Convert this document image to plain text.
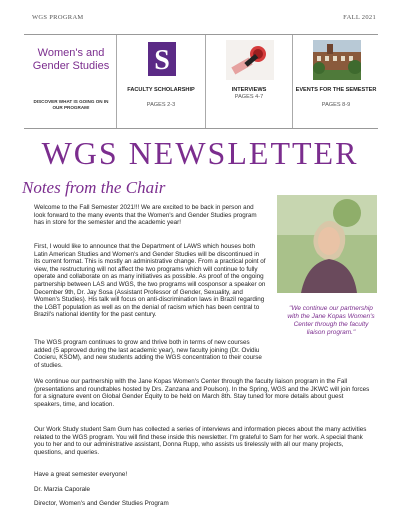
WGS PROGRAM	FALL 2021
Women's and Gender Studies
DISCOVER WHAT IS GOING ON IN OUR PROGRAM!
S
FACULTY SCHOLARSHIP
PAGES 2-3
INTERVIEWS
PAGES 4-7
EVENTS FOR THE SEMESTER
PAGES 8-9
WGS NEWSLETTER
Notes from the Chair
Welcome to the Fall Semester 2021!!! We are excited to be back in person and look forward to the many events that the Women's and Gender Studies program has in store for the semester and the academic year!
First, I would like to announce that the Department of LAWS which houses both Latin American Studies and Women's and Gender Studies will be discontinued in its current format. This is mostly an administrative change. From a practical point of view, the restructuring will not affect the two programs which will continue to fully operate and collaborate on as many initiatives as possible. As proof of the ongoing partnership between LAS and WGS, the two programs will cosponsor a speaker on December 9th, Dr. Jay Sosa (Assistant Professor of Gender, Sexuality, and Women's Studies). His talk will focus on anti-discrimination laws in Brazil regarding the LGBT population as well as on the denial of racism which has been central to Brazil's national identity for the past century.
The WGS program continues to grow and thrive both in terms of new courses added (5 approved during the last academic year), new faculty joining (Dr. Ovidiu Cocieru, KSOM), and new students adding the WGS concentration to their course of studies.
We continue our partnership with the Jane Kopas Women's Center through the faculty liaison program in the Fall (presentations and roundtables hosted by Drs. Zanzana and Poulson). In the Spring, WGS and the JKWC will join forces for a signature event on Global Gender Equity to be held on March 8th. Stay tuned for more details about guest speakers, time, and location.
Our Work Study student Sam Gum has collected a series of interviews and information pieces about the many activities related to the WGS program. You will find these inside this newsletter. I'm grateful to Sam for her work. A special thank you to her and to our administrative assistant, Donna Rupp, who assists us tirelessly with all our many projects, questions, and queries.
Have a great semester everyone!
Dr. Marzia Caporale
Director, Women's and Gender Studies Program
"We continue our partnership with the Jane Kopas Women's Center through the faculty liaison program."
